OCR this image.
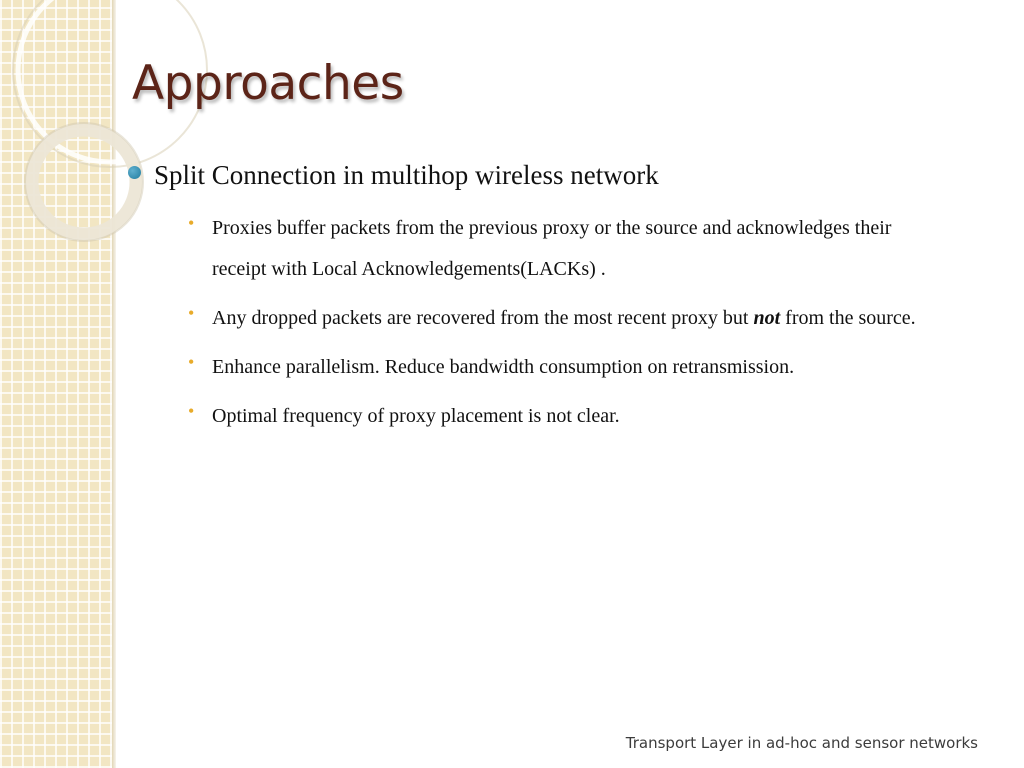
Approaches
Split Connection in multihop wireless network
• Proxies buffer packets from the previous proxy or the source and acknowledges their receipt with Local Acknowledgements(LACKs) .
• Any dropped packets are recovered from the most recent proxy but not from the source.
• Enhance parallelism. Reduce bandwidth consumption on retransmission.
• Optimal frequency of proxy placement is not clear.
Transport Layer in ad-hoc and sensor networks
